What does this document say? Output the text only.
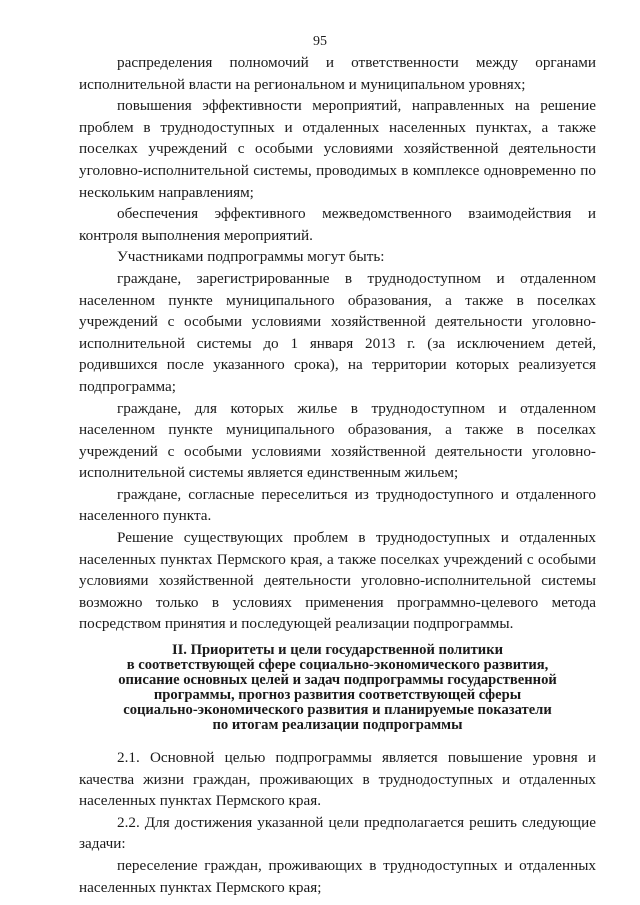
95

распределения полномочий и ответственности между органами исполнительной власти на региональном и муниципальном уровнях;

повышения эффективности мероприятий, направленных на решение проблем в труднодоступных и отдаленных населенных пунктах, а также поселках учреждений с особыми условиями хозяйственной деятельности уголовно-исполнительной системы, проводимых в комплексе одновременно по нескольким направлениям;

обеспечения эффективного межведомственного взаимодействия и контроля выполнения мероприятий.

Участниками подпрограммы могут быть:

граждане, зарегистрированные в труднодоступном и отдаленном населенном пункте муниципального образования, а также в поселках учреждений с особыми условиями хозяйственной деятельности уголовно-исполнительной системы до 1 января 2013 г. (за исключением детей, родившихся после указанного срока), на территории которых реализуется подпрограмма;

граждане, для которых жилье в труднодоступном и отдаленном населенном пункте муниципального образования, а также в поселках учреждений с особыми условиями хозяйственной деятельности уголовно-исполнительной системы является единственным жильем;

граждане, согласные переселиться из труднодоступного и отдаленного населенного пункта.

Решение существующих проблем в труднодоступных и отдаленных населенных пунктах Пермского края, а также поселках учреждений с особыми условиями хозяйственной деятельности уголовно-исполнительной системы возможно только в условиях применения программно-целевого метода посредством принятия и последующей реализации подпрограммы.

II. Приоритеты и цели государственной политики
в соответствующей сфере социально-экономического развития,
описание основных целей и задач подпрограммы государственной
программы, прогноз развития соответствующей сферы
социально-экономического развития и планируемые показатели
по итогам реализации подпрограммы

2.1. Основной целью подпрограммы является повышение уровня и качества жизни граждан, проживающих в труднодоступных и отдаленных населенных пунктах Пермского края.

2.2. Для достижения указанной цели предполагается решить следующие задачи:

переселение граждан, проживающих в труднодоступных и отдаленных населенных пунктах Пермского края;
